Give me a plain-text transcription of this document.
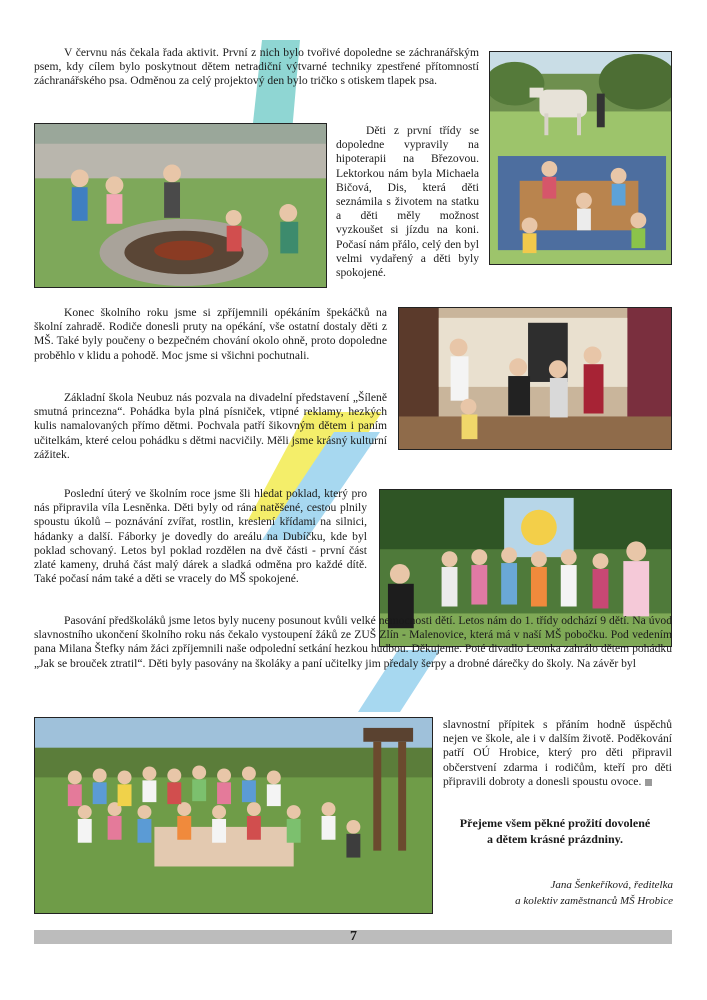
V červnu nás čekala řada aktivit. První z nich bylo tvořivé dopoledne se záchranářským psem, kdy cílem bylo poskytnout dětem netradiční výtvarné techniky zpestřené přítomností záchranářského psa. Odměnou za celý projektový den bylo tričko s otiskem tlapek psa.

Děti z první třídy se dopoledne vypravily na hipoterapii na Březovou. Lektorkou nám byla Michaela Bičová, Dis, která děti seznámila s životem na statku a děti měly možnost vyzkoušet si jízdu na koni. Počasí nám přálo, celý den byl velmi vydařený a děti byly spokojené.

Konec školního roku jsme si zpříjemnili opékáním špekáčků na školní zahradě. Rodiče donesli pruty na opékání, vše ostatní dostaly děti z MŠ. Také byly poučeny o bezpečném chování okolo ohně, proto dopoledne proběhlo v klidu a pohodě. Moc jsme si všichni pochutnali.

Základní škola Neubuz nás pozvala na divadelní představení „Šíleně smutná princezna“. Pohádka byla plná písniček, vtipné reklamy, hezkých kulis namalovaných přímo dětmi. Pochvala patří šikovným dětem i paním učitelkám, které celou pohádku s dětmi nacvičily. Měli jsme krásný kulturní zážitek.

Poslední úterý ve školním roce jsme šli hledat poklad, který pro nás připravila víla Lesněnka. Děti byly od rána natěšené, cestou plnily spoustu úkolů – poznávání zvířat, rostlin, kreslení křídami na silnici, hádanky a další. Fáborky je dovedly do areálu na Dubíčku, kde byl poklad schovaný. Letos byl poklad rozdělen na dvě části - první část zlaté kameny, druhá část malý dárek a sladká odměna pro každé dítě. Také počasí nám také a děti se vracely do MŠ spokojené.

Pasování předškoláků jsme letos byly nuceny posunout kvůli velké nemocnosti dětí. Letos nám do 1. třídy odchází 9 dětí. Na úvod slavnostního ukončení školního roku nás čekalo vystoupení žáků ze ZUŠ Zlín - Malenovice, která má v naší MŠ pobočku. Pod vedením pana Milana Štefky nám žáci zpříjemnili naše odpolední setkání hezkou hudbou. Děkujeme. Poté divadlo Leonka zahrálo dětem pohádku „Jak se brouček ztratil“. Děti byly pasovány na školáky a paní učitelky jim předaly šerpy a drobné dárečky do školy. Na závěr byl

slavnostní přípitek s přáním hodně úspěchů nejen ve škole, ale i v dalším životě. Poděkování patří OÚ Hrobice, který pro děti připravil občerstvení zdarma i rodičům, kteří pro děti připravili dobroty a donesli spoustu ovoce.

Přejeme všem pěkné prožití dovolené
a dětem krásné prázdniny.

Jana Šenkeříková, ředitelka
a kolektiv zaměstnanců MŠ Hrobice

7
